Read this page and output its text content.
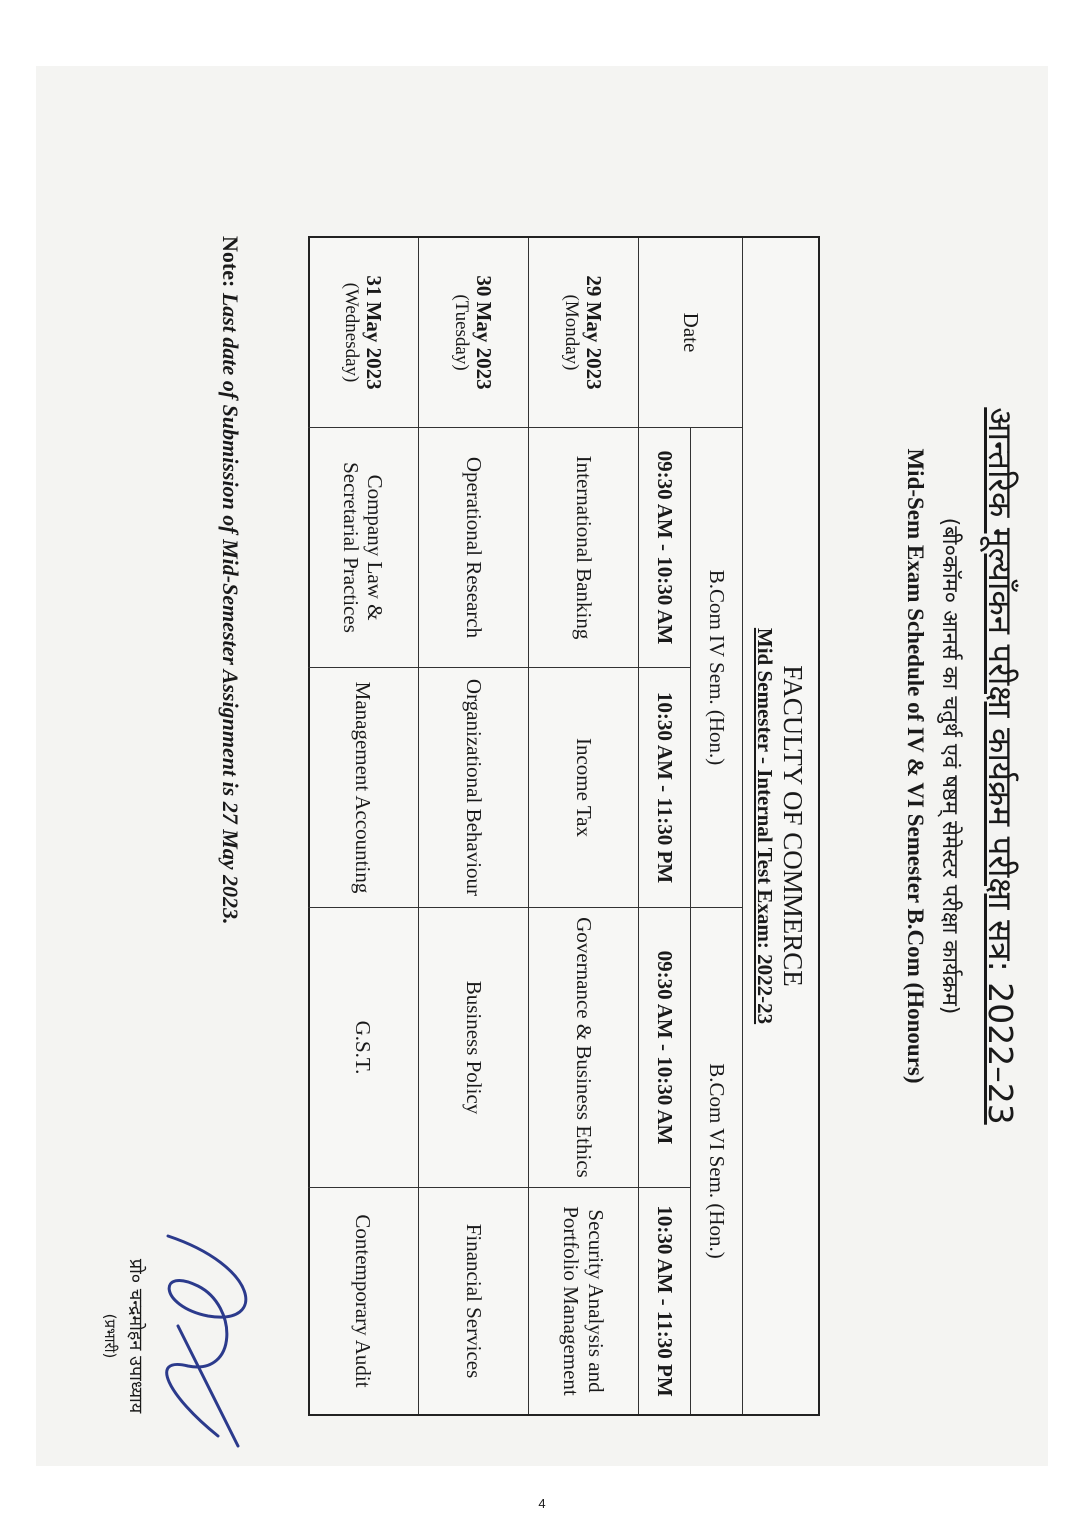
आन्तरिक मूल्यॉंकन परीक्षा कार्यक्रम परीक्षा सत्र: 2022–23
(बी०कॉम० आनर्स का चतुर्थ एवं षष्ठम् सेमेस्टर परीक्षा कार्यक्रम)
Mid-Sem Exam Schedule of IV & VI Semester B.Com (Honours)
FACULTY OF COMMERCE
Mid Semester - Internal Test Exam: 2022-23
Date
B.Com IV Sem. (Hon.)
B.Com VI Sem. (Hon.)
09:30 AM - 10:30 AM
10:30 AM - 11:30 PM
09:30 AM - 10:30 AM
10:30 AM - 11:30 PM
29 May 2023
(Monday)
International Banking
Income Tax
Governance & Business Ethics
Security Analysis and Portfolio Management
30 May 2023
(Tuesday)
Operational Research
Organizational Behaviour
Business Policy
Financial Services
31 May 2023
(Wednesday)
Company Law & Secretarial Practices
Management Accounting
G.S.T.
Contemporary Audit
Note: Last date of Submission of Mid-Semester Assignment is 27 May 2023.
प्रो० चन्द्रमोहन उपाध्याय
(प्रभारी)
4
